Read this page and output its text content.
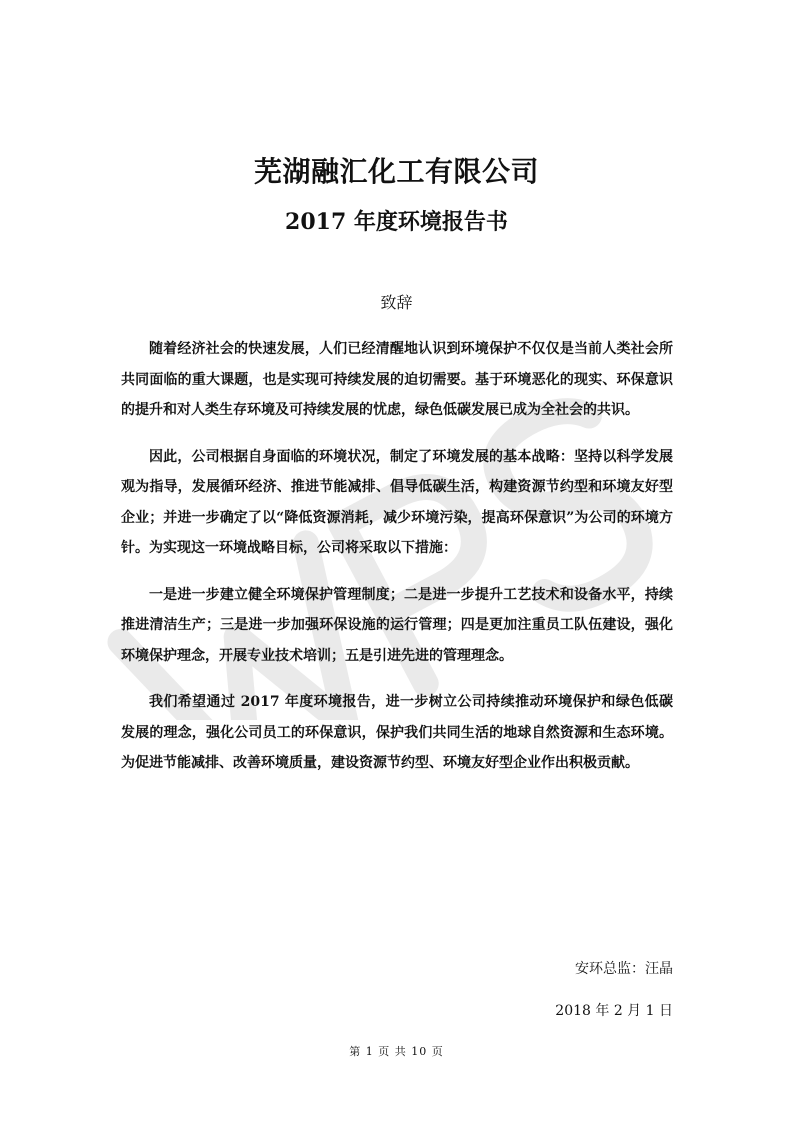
芜湖融汇化工有限公司
2017 年度环境报告书
致辞

随着经济社会的快速发展，人们已经清醒地认识到环境保护不仅仅是当前人类社会所共同面临的重大课题，也是实现可持续发展的迫切需要。基于环境恶化的现实、环保意识的提升和对人类生存环境及可持续发展的忧虑，绿色低碳发展已成为全社会的共识。

因此，公司根据自身面临的环境状况，制定了环境发展的基本战略：坚持以科学发展观为指导，发展循环经济、推进节能减排、倡导低碳生活，构建资源节约型和环境友好型企业；并进一步确定了以“降低资源消耗，减少环境污染，提高环保意识”为公司的环境方针。为实现这一环境战略目标，公司将采取以下措施：

一是进一步建立健全环境保护管理制度；二是进一步提升工艺技术和设备水平，持续推进清洁生产；三是进一步加强环保设施的运行管理；四是更加注重员工队伍建设，强化环境保护理念，开展专业技术培训；五是引进先进的管理理念。

我们希望通过 2017 年度环境报告，进一步树立公司持续推动环境保护和绿色低碳发展的理念，强化公司员工的环保意识，保护我们共同生活的地球自然资源和生态环境。为促进节能减排、改善环境质量，建设资源节约型、环境友好型企业作出积极贡献。

安环总监：汪晶
2018 年 2 月 1 日
第 1 页 共 10 页
